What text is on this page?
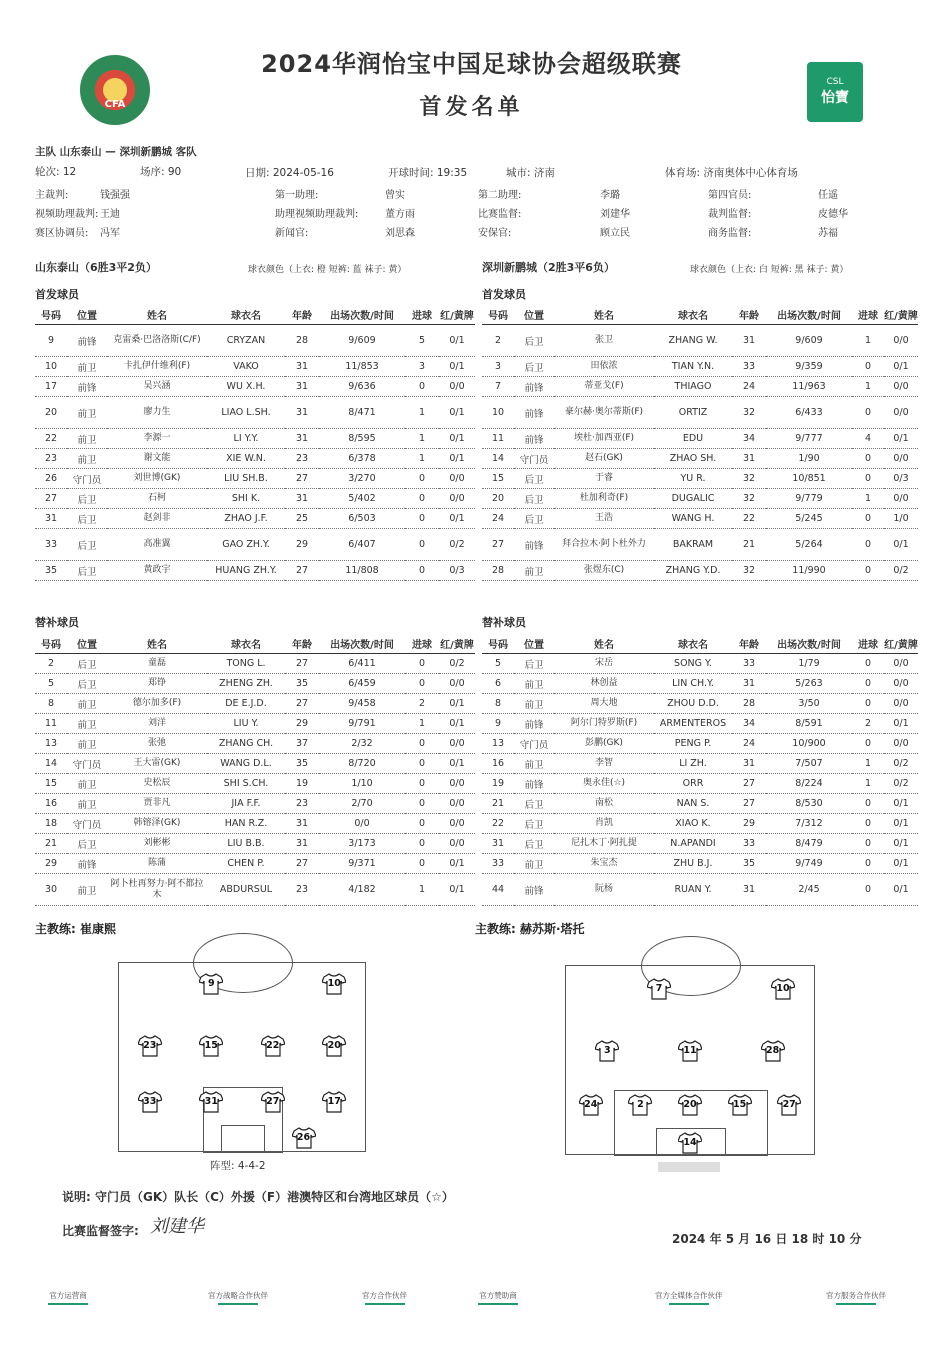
CFA
2024华润怡宝中国足球协会超级联赛
首发名单
CSL
怡寶
主队 山东泰山 — 深圳新鹏城 客队
轮次: 12	场序: 90	日期: 2024-05-16	开球时间: 19:35	城市: 济南	体育场: 济南奥体中心体育场
主裁判:	钱强强	第一助理:	曾实	第二助理:	李璐	第四官员:	任遥
视频助理裁判: 王迪	助理视频助理裁判:	董方雨	比赛监督:	刘建华	裁判监督:	皮德华
赛区协调员: 冯军	新闻官:	刘思森	安保官:	顾立民	商务监督:	苏福
山东泰山（6胜3平2负）	球衣颜色（上衣: 橙 短裤: 蓝 袜子: 黄）	深圳新鹏城（2胜3平6负）	球衣颜色（上衣: 白 短裤: 黑 袜子: 黄）
首发球员	首发球员
替补球员	替补球员
号码	位置	姓名	球衣名	年龄	出场次数/时间	进球	红/黄牌
9	前锋	克雷桑·巴洛洛斯(C/F)	CRYZAN	28	9/609	5	0/1
10	前卫	卡扎伊什维利(F)	VAKO	31	11/853	3	0/1
17	前锋	吴兴涵	WU X.H.	31	9/636	0	0/0
20	前卫	廖力生	LIAO L.SH.	31	8/471	1	0/1
22	前卫	李源一	LI Y.Y.	31	8/595	1	0/1
23	前卫	谢文能	XIE W.N.	23	6/378	1	0/1
26	守门员	刘世博(GK)	LIU SH.B.	27	3/270	0	0/0
27	后卫	石柯	SHI K.	31	5/402	0	0/0
31	后卫	赵剑非	ZHAO J.F.	25	6/503	0	0/1
33	后卫	高准翼	GAO ZH.Y.	29	6/407	0	0/2
35	后卫	黄政宇	HUANG ZH.Y.	27	11/808	0	0/3
号码	位置	姓名	球衣名	年龄	出场次数/时间	进球	红/黄牌
2	后卫	张卫	ZHANG W.	31	9/609	1	0/0
3	后卫	田依浓	TIAN Y.N.	33	9/359	0	0/1
7	前锋	蒂亚戈(F)	THIAGO	24	11/963	1	0/0
10	前锋	豪尔赫·奥尔蒂斯(F)	ORTIZ	32	6/433	0	0/0
11	前锋	埃杜·加西亚(F)	EDU	34	9/777	4	0/1
14	守门员	赵石(GK)	ZHAO SH.	31	1/90	0	0/0
15	后卫	于睿	YU R.	32	10/851	0	0/3
20	后卫	杜加利奇(F)	DUGALIC	32	9/779	1	0/0
24	后卫	王浩	WANG H.	22	5/245	0	1/0
27	前锋	拜合拉木·阿卜杜外力	BAKRAM	21	5/264	0	0/1
28	前卫	张煜东(C)	ZHANG Y.D.	32	11/990	0	0/2
号码	位置	姓名	球衣名	年龄	出场次数/时间	进球	红/黄牌
2	后卫	童磊	TONG L.	27	6/411	0	0/2
5	后卫	郑铮	ZHENG ZH.	35	6/459	0	0/0
8	前卫	德尔加多(F)	DE E.J.D.	27	9/458	2	0/1
11	前卫	刘洋	LIU Y.	29	9/791	1	0/1
13	前卫	张弛	ZHANG CH.	37	2/32	0	0/0
14	守门员	王大雷(GK)	WANG D.L.	35	8/720	0	0/1
15	前卫	史松辰	SHI S.CH.	19	1/10	0	0/0
16	前卫	贾非凡	JIA F.F.	23	2/70	0	0/0
18	守门员	韩镕泽(GK)	HAN R.Z.	31	0/0	0	0/0
21	后卫	刘彬彬	LIU B.B.	31	3/173	0	0/0
29	前锋	陈蒲	CHEN P.	27	9/371	0	0/1
30	前卫	阿卜杜再努力·阿不都拉木	ABDURSUL	23	4/182	1	0/1
号码	位置	姓名	球衣名	年龄	出场次数/时间	进球	红/黄牌
5	后卫	宋岳	SONG Y.	33	1/79	0	0/0
6	前卫	林创益	LIN CH.Y.	31	5/263	0	0/0
8	前卫	周大地	ZHOU D.D.	28	3/50	0	0/0
9	前锋	阿尔门特罗斯(F)	ARMENTEROS	34	8/591	2	0/1
13	守门员	彭鹏(GK)	PENG P.	24	10/900	0	0/0
16	前卫	李智	LI ZH.	31	7/507	1	0/2
19	前锋	奥永佳(☆)	ORR	27	8/224	1	0/2
21	后卫	南松	NAN S.	27	8/530	0	0/1
22	后卫	肖凯	XIAO K.	29	7/312	0	0/1
31	后卫	尼扎木丁·阿扎提	N.APANDI	33	8/479	0	0/1
33	前卫	朱宝杰	ZHU B.J.	35	9/749	0	0/1
44	前锋	阮杨	RUAN Y.	31	2/45	0	0/1
主教练: 崔康熙	主教练: 赫苏斯·塔托
9	10
23	15	22	20
33	31	27	17
26
阵型: 4-4-2
7	10
3	11	28
24	2	20	15	27
14
说明: 守门员（GK）队长（C）外援（F）港澳特区和台湾地区球员（☆）
比赛监督签字: 刘建华
2024 年 5 月 16 日 18 时 10 分
官方运营商	官方战略合作伙伴	官方合作伙伴	官方赞助商	官方全媒体合作伙伴	官方服务合作伙伴
